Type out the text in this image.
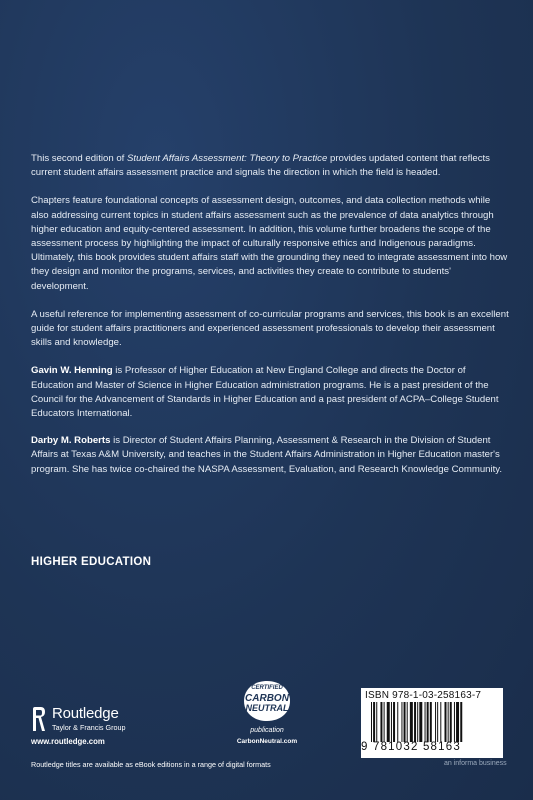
This second edition of Student Affairs Assessment: Theory to Practice provides updated content that reflects current student affairs assessment practice and signals the direction in which the field is headed.

Chapters feature foundational concepts of assessment design, outcomes, and data collection methods while also addressing current topics in student affairs assessment such as the prevalence of data analytics through higher education and equity-centered assessment. In addition, this volume further broadens the scope of the assessment process by highlighting the impact of culturally responsive ethics and Indigenous paradigms. Ultimately, this book provides student affairs staff with the grounding they need to integrate assessment into how they design and monitor the programs, services, and activities they create to contribute to students' development.

A useful reference for implementing assessment of co-curricular programs and services, this book is an excellent guide for student affairs practitioners and experienced assessment professionals to develop their assessment skills and knowledge.

Gavin W. Henning is Professor of Higher Education at New England College and directs the Doctor of Education and Master of Science in Higher Education administration programs. He is a past president of the Council for the Advancement of Standards in Higher Education and a past president of ACPA–College Student Educators International.

Darby M. Roberts is Director of Student Affairs Planning, Assessment & Research in the Division of Student Affairs at Texas A&M University, and teaches in the Student Affairs Administration in Higher Education master's program. She has twice co-chaired the NASPA Assessment, Evaluation, and Research Knowledge Community.

HIGHER EDUCATION
Routledge
Taylor & Francis Group
www.routledge.com
CERTIFIED
CARBON
NEUTRAL
publication
CarbonNeutral.com
ISBN 978-1-03-258163-7
9 781032 58163
an informa business
Routledge titles are available as eBook editions in a range of digital formats
